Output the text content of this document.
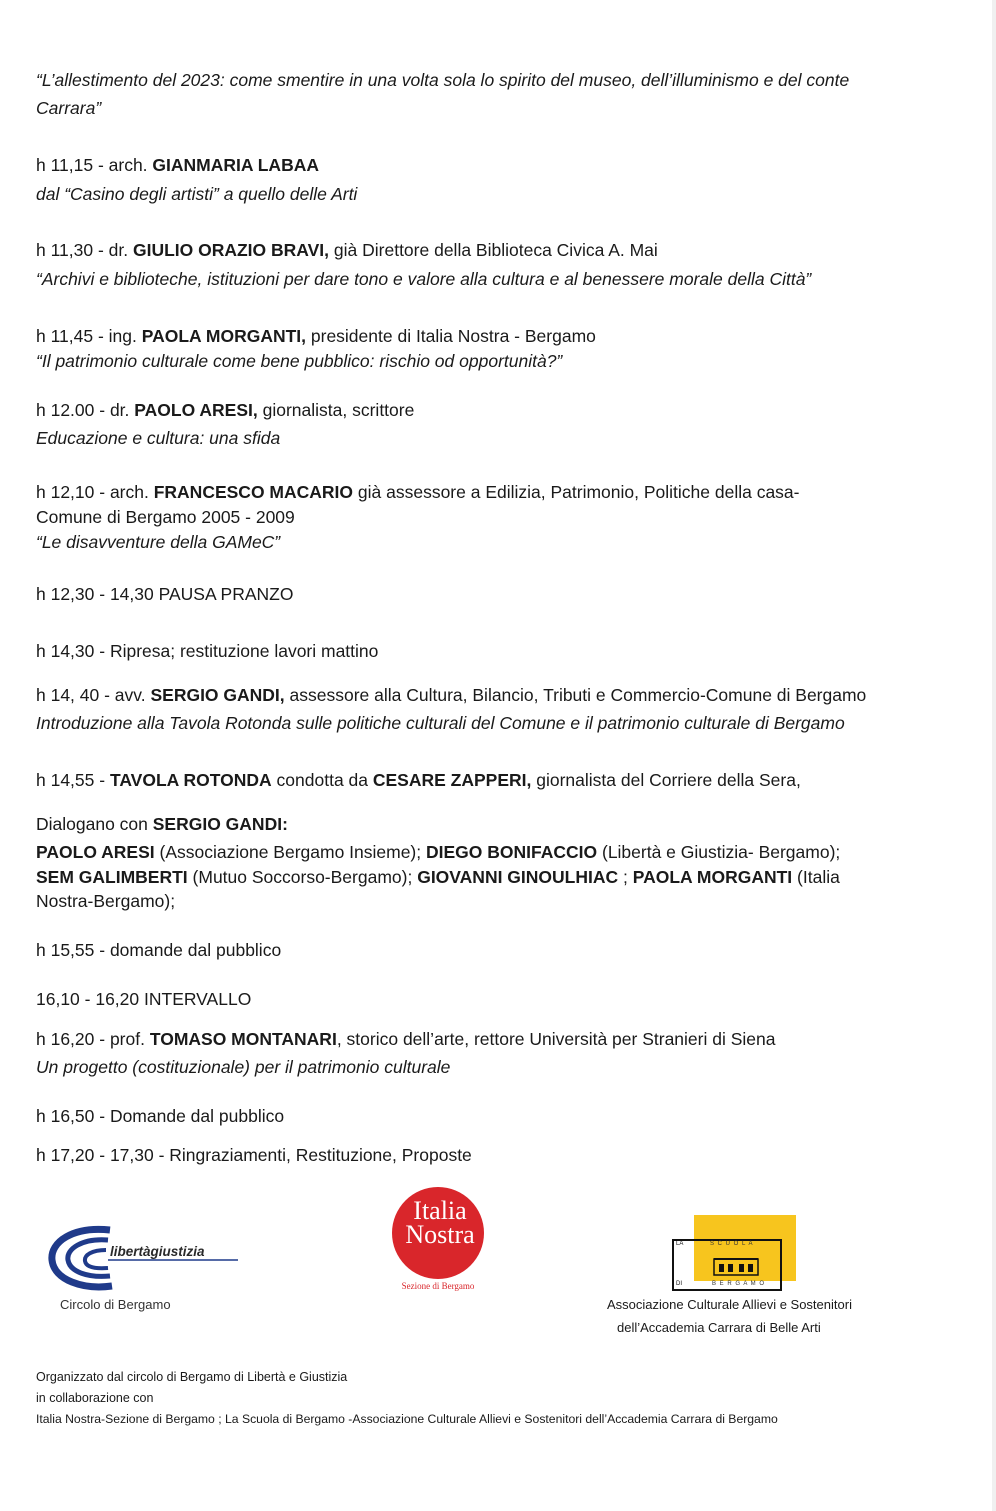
“L’allestimento del 2023: come smentire in una volta sola lo spirito del museo, dell’illuminismo e del conte
Carrara”
h 11,15 - arch. GIANMARIA LABAA
dal “Casino degli artisti” a quello delle Arti
h 11,30 - dr. GIULIO ORAZIO BRAVI, già Direttore della Biblioteca Civica A. Mai
“Archivi e biblioteche, istituzioni per dare tono e valore alla cultura e al benessere morale della Città”
h 11,45 - ing. PAOLA MORGANTI, presidente di Italia Nostra - Bergamo
“Il patrimonio culturale come bene pubblico: rischio od opportunità?”
h 12.00 - dr. PAOLO ARESI, giornalista, scrittore
Educazione e cultura: una sfida
h 12,10 - arch. FRANCESCO MACARIO già assessore a Edilizia, Patrimonio, Politiche della casa-
Comune di Bergamo 2005 - 2009
“Le disavventure della GAMeC”
h 12,30 - 14,30 PAUSA PRANZO
h 14,30 - Ripresa; restituzione lavori mattino
h 14, 40 - avv. SERGIO GANDI, assessore alla Cultura, Bilancio, Tributi e Commercio-Comune di Bergamo
Introduzione alla Tavola Rotonda sulle politiche culturali del Comune e il patrimonio culturale di Bergamo
h 14,55 - TAVOLA ROTONDA condotta da CESARE ZAPPERI, giornalista del Corriere della Sera,
Dialogano con SERGIO GANDI:
PAOLO ARESI (Associazione Bergamo Insieme); DIEGO BONIFACCIO (Libertà e Giustizia- Bergamo);
SEM GALIMBERTI (Mutuo Soccorso-Bergamo); GIOVANNI GINOULHIAC ; PAOLA MORGANTI (Italia
Nostra-Bergamo);
h 15,55 - domande dal pubblico
16,10 - 16,20 INTERVALLO
h 16,20 - prof. TOMASO MONTANARI, storico dell’arte, rettore Università per Stranieri di Siena
Un progetto (costituzionale) per il patrimonio culturale
h 16,50 - Domande dal pubblico
h 17,20 - 17,30 - Ringraziamenti, Restituzione, Proposte
libertàgiustizia
Circolo di Bergamo
Italia
Nostra
Sezione di Bergamo
LA	S C U O L A
DI	B E R G A M O
Associazione Culturale Allievi e Sostenitori
dell’Accademia Carrara di Belle Arti
Organizzato dal circolo di Bergamo di Libertà e Giustizia
in collaborazione con
Italia Nostra-Sezione di Bergamo ; La Scuola di Bergamo -Associazione Culturale Allievi e Sostenitori dell’Accademia Carrara di Bergamo
